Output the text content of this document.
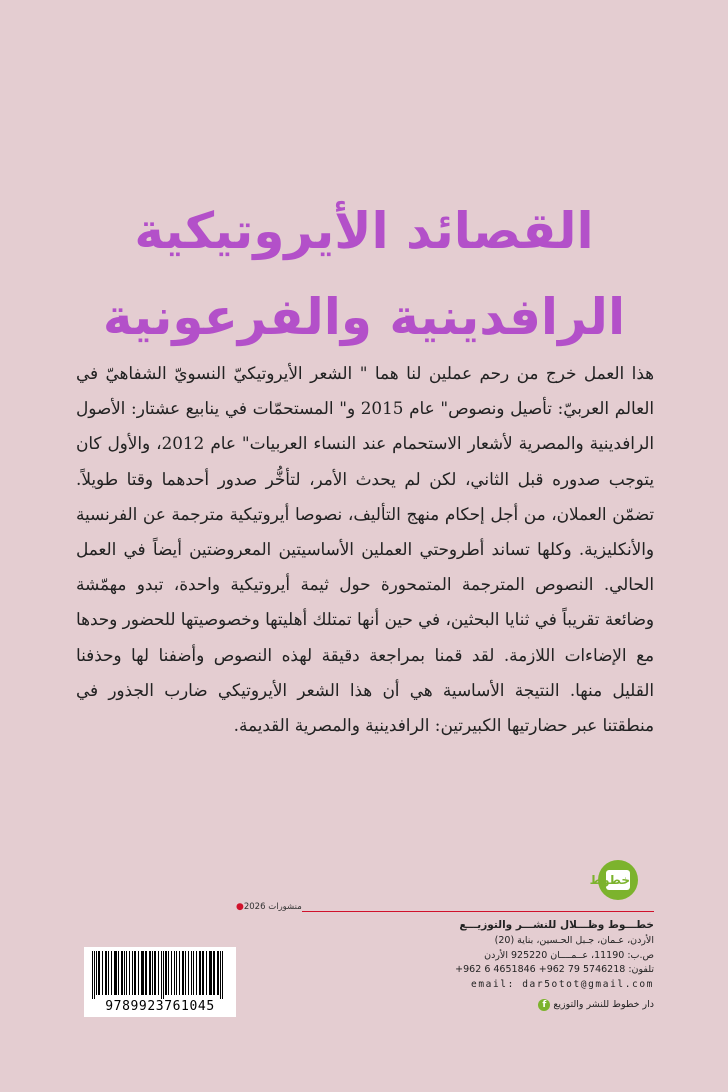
القصائد الأيروتيكية
الرافدينية والفرعونية
هذا العمل خرج من رحم عملين لنا هما " الشعر الأيروتيكيّ النسويّ الشفاهيّ في العالم العربيّ: تأصيل ونصوص" عام 2015 و" المستحمّات في ينابيع عشتار: الأصول الرافدينية والمصرية لأشعار الاستحمام عند النساء العربيات" عام 2012، والأول كان يتوجب صدوره قبل الثاني، لكن لم يحدث الأمر، لتأخُّر صدور أحدهما وقتا طويلاً. تضمّن العملان، من أجل إحكام منهج التأليف، نصوصا أيروتيكية مترجمة عن الفرنسية والأنكليزية. وكلها تساند أطروحتي العملين الأساسيتين المعروضتين أيضاً في العمل الحالي. النصوص المترجمة المتمحورة حول ثيمة أيروتيكية واحدة، تبدو مهمّشة وضائعة تقريباً في ثنايا البحثين، في حين أنها تمتلك أهليتها وخصوصيتها للحضور وحدها مع الإضاءات اللازمة. لقد قمنا بمراجعة دقيقة لهذه النصوص وأضفنا لها وحذفنا القليل منها. النتيجة الأساسية هي أن هذا الشعر الأيروتيكي ضارب الجذور في منطقتنا عبر حضارتيها الكبيرتين: الرافدينية والمصرية القديمة.
خطوط
منشورات 2026●
خطـــوط وظـــلال للنشـــر والتوزيـــع
الأردن، عـمان، جـبل الحـسين، بناية (20)
ص.ب: 11190، عــمــــان 925220 الأردن
تلفون: 5746218 79 962+ 4651846 6 962+
email: dar5otot@gmail.com
دار خطوط للنشر والتوزيع f
9789923761045
